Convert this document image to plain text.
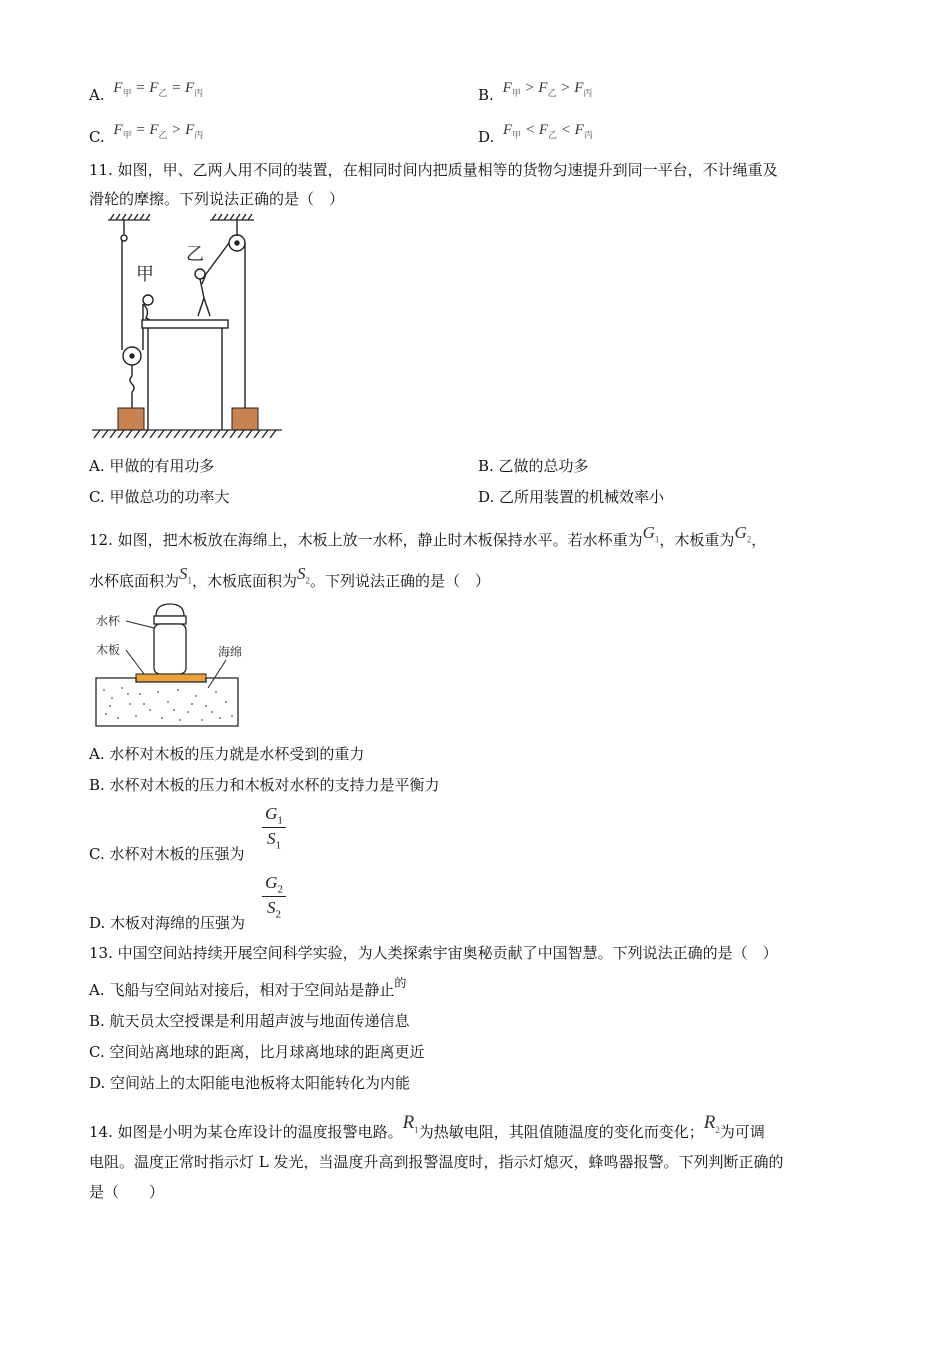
A. $F_甲 = F_乙 = F_丙$	B. $F_甲 > F_乙 > F_丙$
C. $F_甲 = F_乙 > F_丙$	D. $F_甲 < F_乙 < F_丙$
11. 如图，甲、乙两人用不同的装置，在相同时间内把质量相等的货物匀速提升到同一平台，不计绳重及
滑轮的摩擦。下列说法正确的是（　）
甲
乙
A. 甲做的有用功多	B. 乙做的总功多
C. 甲做总功的功率大	D. 乙所用装置的机械效率小
12. 如图，把木板放在海绵上，木板上放一水杯，静止时木板保持水平。若水杯重为$G_1$，木板重为$G_2$，
水杯底面积为$S_1$，木板底面积为$S_2$。下列说法正确的是（　）
水杯
木板	海绵
A. 水杯对木板的压力就是水杯受到的重力
B. 水杯对木板的压力和木板对水杯的支持力是平衡力
C. 水杯对木板的压强为
$G_1$
$S_1$
D. 木板对海绵的压强为
$G_2$
$S_2$
13. 中国空间站持续开展空间科学实验，为人类探索宇宙奥秘贡献了中国智慧。下列说法正确的是（　）
A. 飞船与空间站对接后，相对于空间站是静止$^的$
B. 航天员太空授课是利用超声波与地面传递信息
C. 空间站离地球的距离，比月球离地球的距离更近
D. 空间站上的太阳能电池板将太阳能转化为内能
14. 如图是小明为某仓库设计的温度报警电路。$R_1$为热敏电阻，其阻值随温度的变化而变化；$R_2$为可调
电阻。温度正常时指示灯 L 发光，当温度升高到报警温度时，指示灯熄灭，蜂鸣器报警。下列判断正确的
是（　　）
